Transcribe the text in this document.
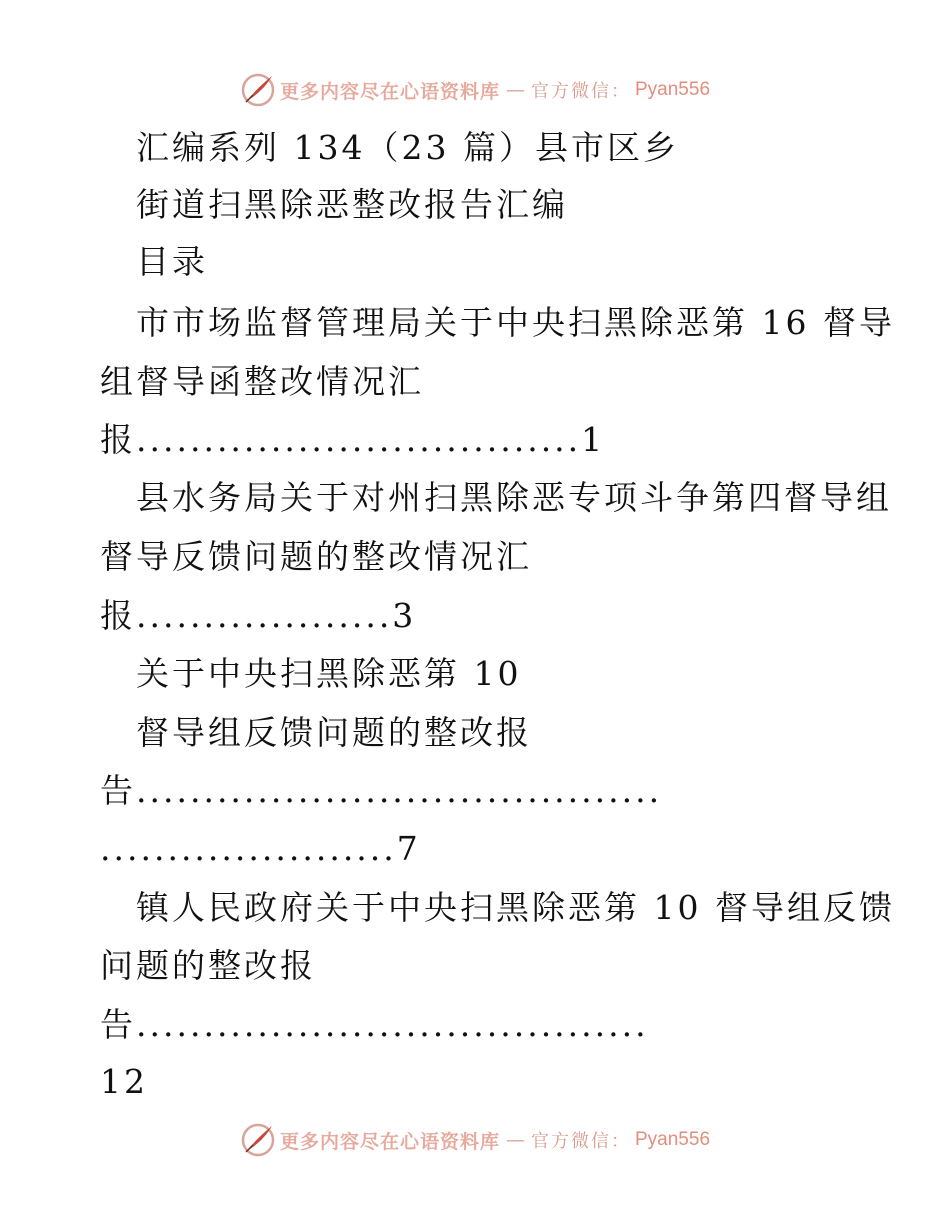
更多内容尽在心语资料库 — 官方微信： Pyan556
汇编系列 134（23 篇）县市区乡
街道扫黑除恶整改报告汇编
目录
市市场监督管理局关于中央扫黑除恶第 16 督导
组督导函整改情况汇
报.................................1
县水务局关于对州扫黑除恶专项斗争第四督导组
督导反馈问题的整改情况汇
报...................3
关于中央扫黑除恶第 10
督导组反馈问题的整改报
告.......................................
......................7
镇人民政府关于中央扫黑除恶第 10 督导组反馈
问题的整改报
告......................................
12
更多内容尽在心语资料库 — 官方微信： Pyan556
